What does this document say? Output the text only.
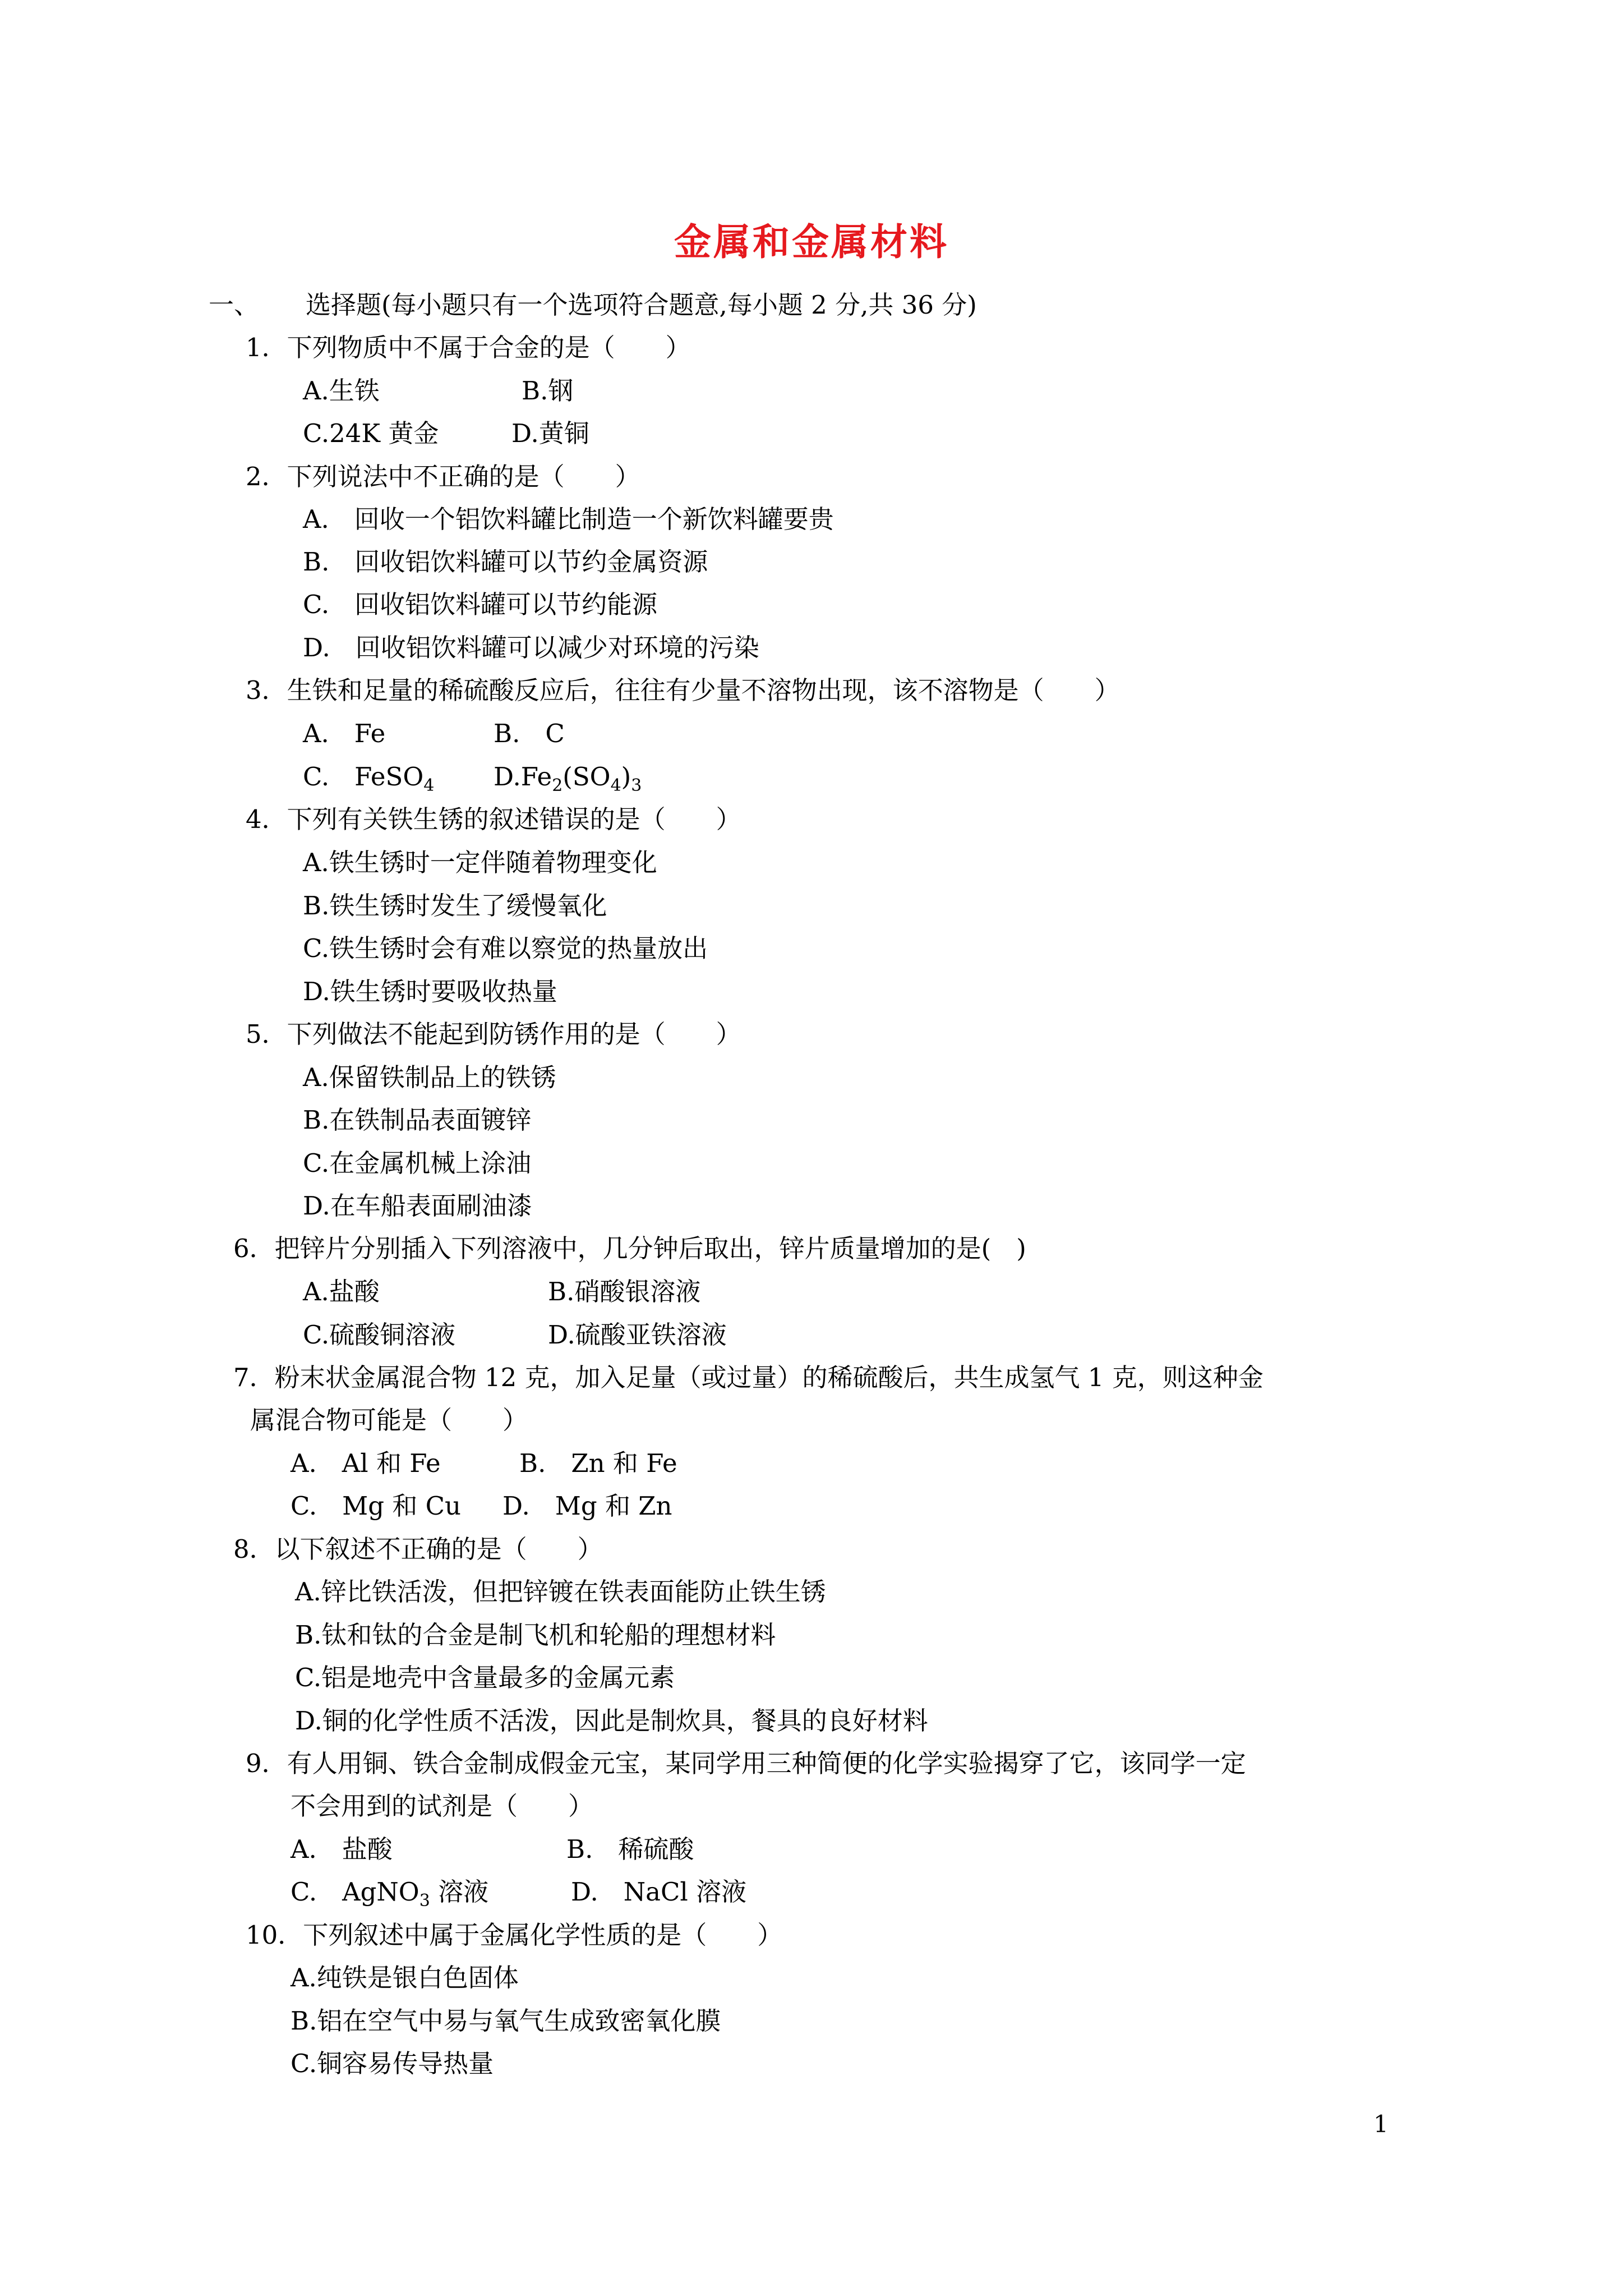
金属和金属材料
一、 选择题(每小题只有一个选项符合题意,每小题 2 分,共 36 分)
1．下列物质中不属于合金的是（　　）
A.生铁	B.钢
C.24K 黄金	D.黄铜
2．下列说法中不正确的是（　　）
A.　回收一个铝饮料罐比制造一个新饮料罐要贵
B.　回收铝饮料罐可以节约金属资源
C.　回收铝饮料罐可以节约能源
D.　回收铝饮料罐可以减少对环境的污染
3．生铁和足量的稀硫酸反应后，往往有少量不溶物出现，该不溶物是（　　）
A.　Fe	B.　C
C.　FeSO$_4$ $D.Fe_2(SO_4)_3$
4．下列有关铁生锈的叙述错误的是（　　）
A.铁生锈时一定伴随着物理变化
B.铁生锈时发生了缓慢氧化
C.铁生锈时会有难以察觉的热量放出
D.铁生锈时要吸收热量
5．下列做法不能起到防锈作用的是（　　）
A.保留铁制品上的铁锈
B.在铁制品表面镀锌
C.在金属机械上涂油
D.在车船表面刷油漆
6．把锌片分别插入下列溶液中，几分钟后取出，锌片质量增加的是(　)
A.盐酸	B.硝酸银溶液
C.硫酸铜溶液	D.硫酸亚铁溶液
7．粉末状金属混合物 12 克，加入足量（或过量）的稀硫酸后，共生成氢气 1 克，则这种金
属混合物可能是（　　）
A.　Al 和 Fe	B.　Zn 和 Fe
C.　Mg 和 Cu D.　Mg 和 Zn
8．以下叙述不正确的是（　　）
A.锌比铁活泼，但把锌镀在铁表面能防止铁生锈
B.钛和钛的合金是制飞机和轮船的理想材料
C.铝是地壳中含量最多的金属元素
D.铜的化学性质不活泼，因此是制炊具，餐具的良好材料
9．有人用铜、铁合金制成假金元宝，某同学用三种简便的化学实验揭穿了它，该同学一定
不会用到的试剂是（　　）
A.　盐酸	B.　稀硫酸
C.　AgNO$_3$ 溶液	D.　NaCl 溶液
10．下列叙述中属于金属化学性质的是（　　）
A.纯铁是银白色固体
B.铝在空气中易与氧气生成致密氧化膜
C.铜容易传导热量
1
